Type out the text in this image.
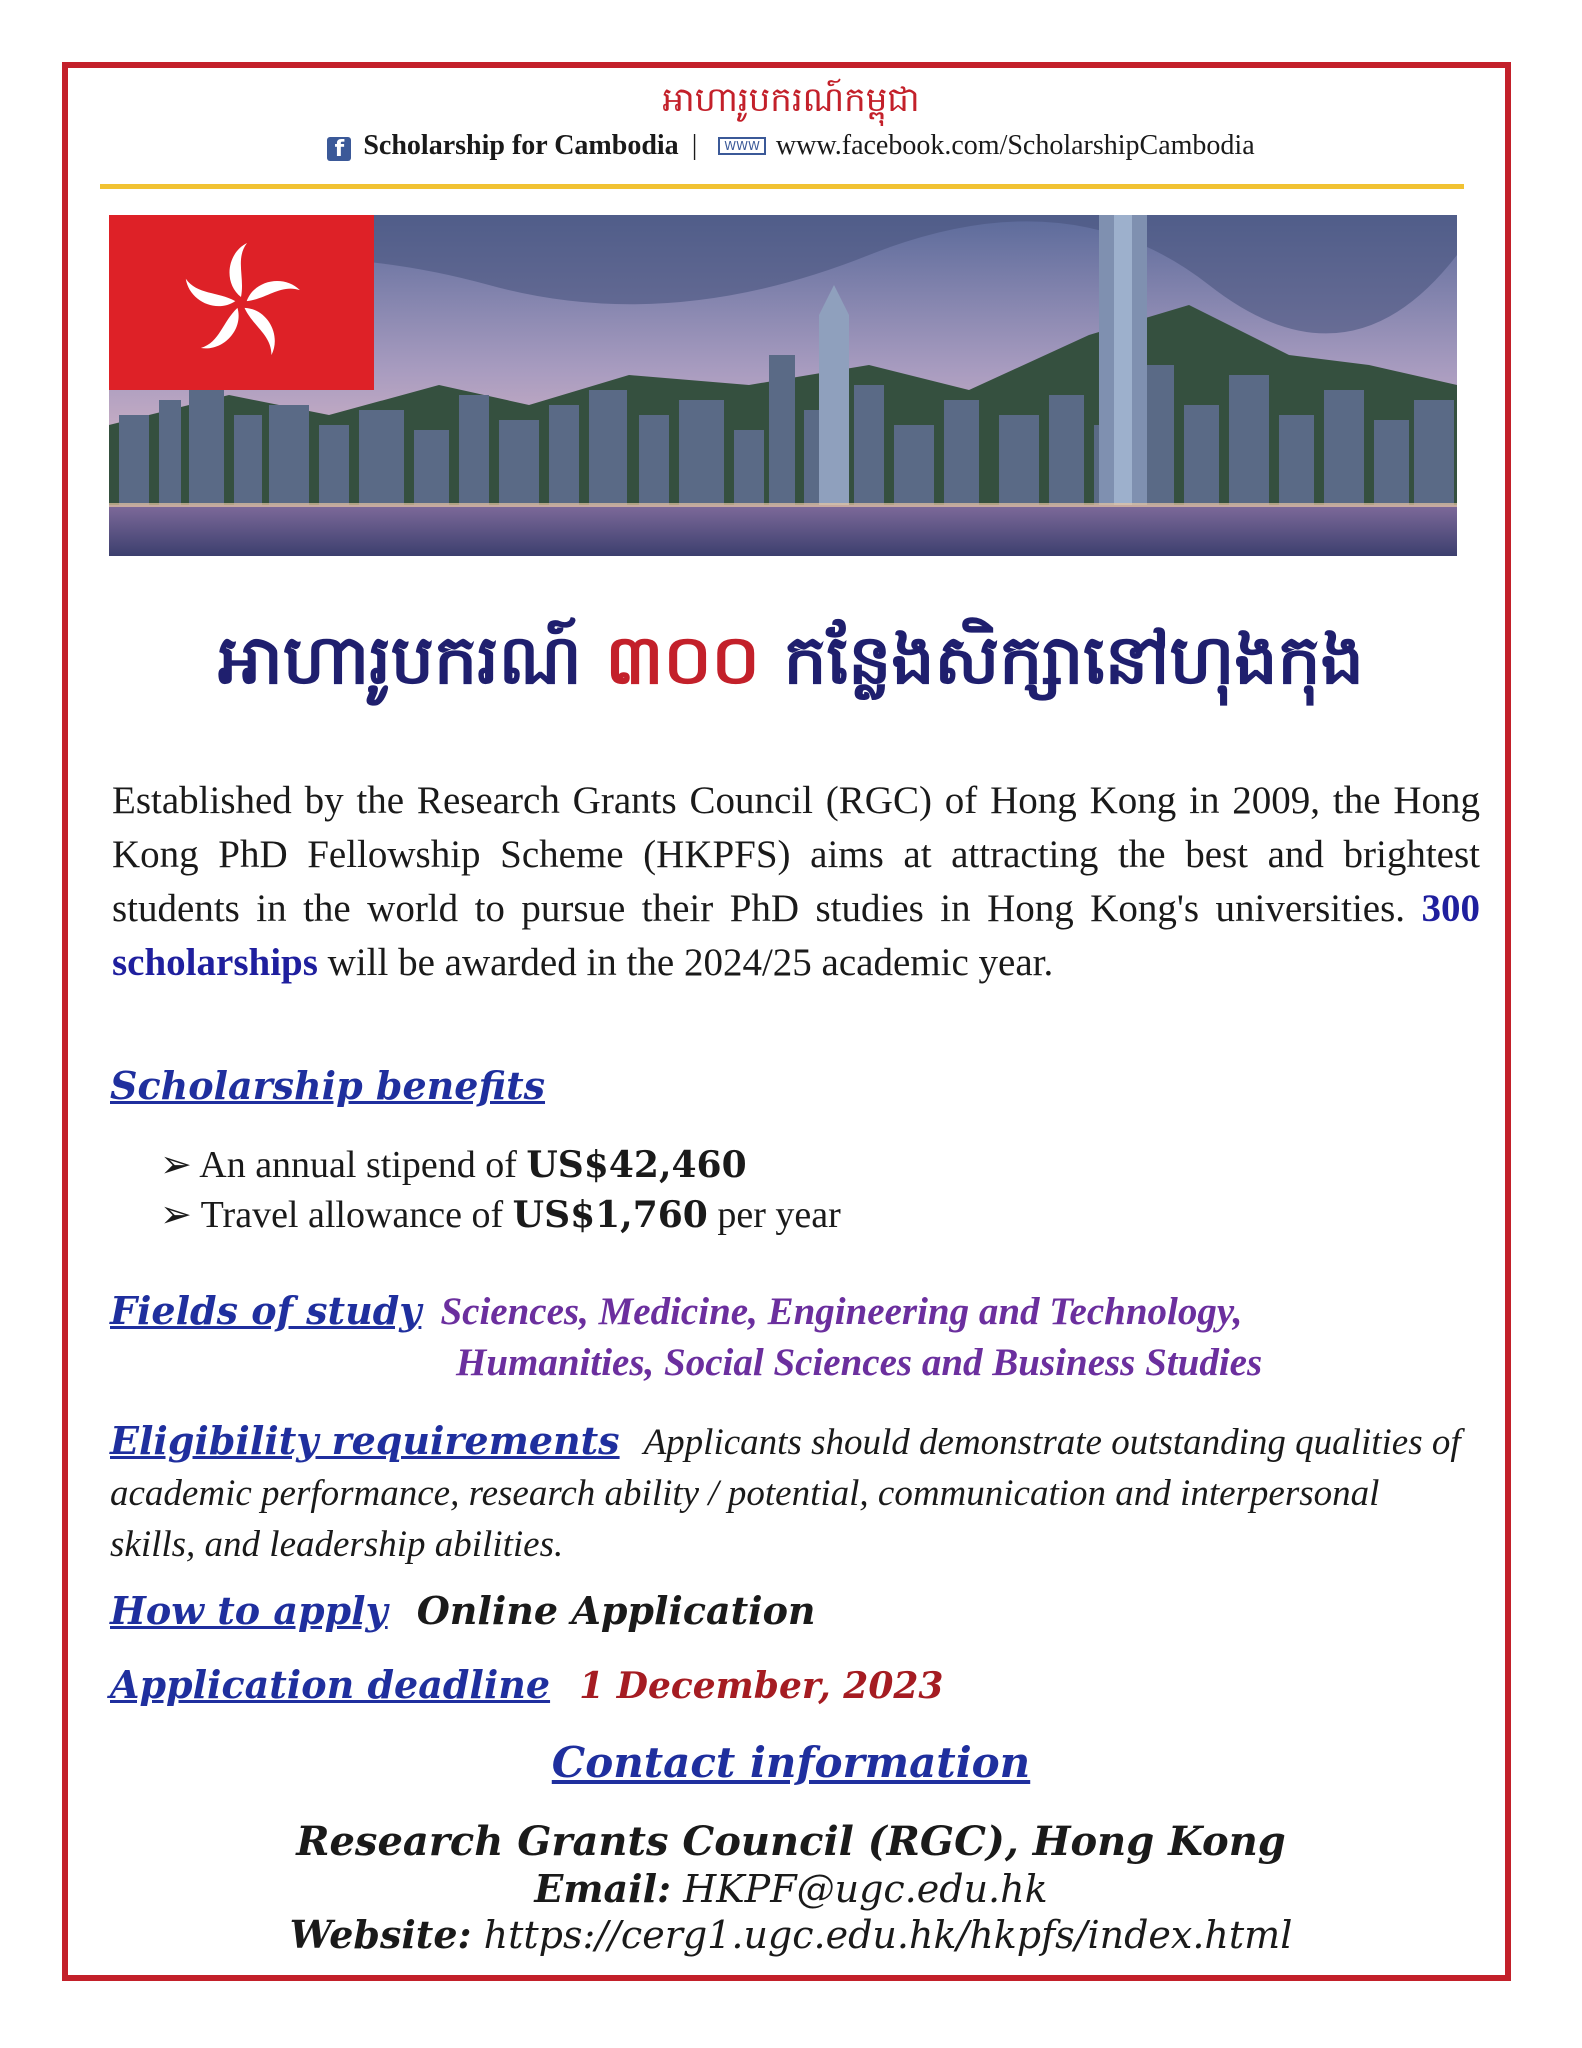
អាហារូបករណ៍កម្ពុជា
f Scholarship for Cambodia | WWW www.facebook.com/ScholarshipCambodia
អាហារូបករណ៍ ៣០០ កន្លែងសិក្សានៅហុងកុង
Established by the Research Grants Council (RGC) of Hong Kong in 2009, the Hong Kong PhD Fellowship Scheme (HKPFS) aims at attracting the best and brightest students in the world to pursue their PhD studies in Hong Kong's universities. 300 scholarships will be awarded in the 2024/25 academic year.
Scholarship benefits
➢ An annual stipend of US$42,460
➢ Travel allowance of US$1,760 per year
Fields of study Sciences, Medicine, Engineering and Technology,
Humanities, Social Sciences and Business Studies
Eligibility requirements Applicants should demonstrate outstanding qualities of academic performance, research ability / potential, communication and interpersonal skills, and leadership abilities.
How to apply Online Application
Application deadline 1 December, 2023
Contact information
Research Grants Council (RGC), Hong Kong
Email: HKPF@ugc.edu.hk
Website: https://cerg1.ugc.edu.hk/hkpfs/index.html
